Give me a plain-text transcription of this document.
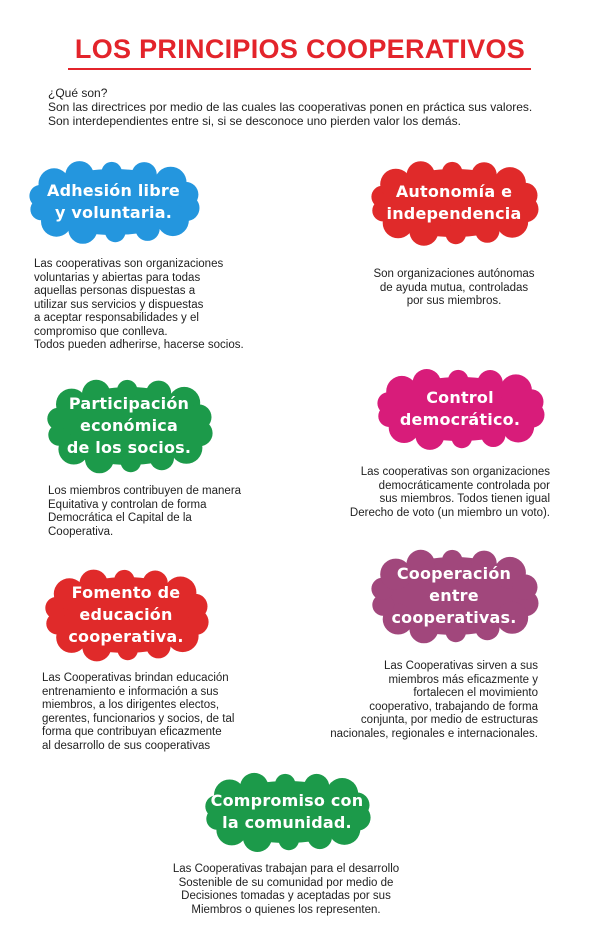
LOS PRINCIPIOS COOPERATIVOS
¿Qué son?
Son las directrices por medio de las cuales las cooperativas ponen en práctica sus valores.
Son interdependientes entre si, si se desconoce uno pierden valor los demás.
Adhesión libre
y voluntaria.
Las cooperativas son organizaciones
voluntarias y abiertas para todas
aquellas personas dispuestas a
utilizar sus servicios y dispuestas
a aceptar responsabilidades y el
compromiso que conlleva.
Todos pueden adherirse, hacerse socios.
Autonomía e
independencia
Son organizaciones autónomas
de ayuda mutua, controladas
por sus miembros.
Participación
económica
de los socios.
Los miembros contribuyen de manera
Equitativa y controlan de forma
Democrática el Capital de la
Cooperativa.
Control
democrático.
Las cooperativas son organizaciones
democráticamente controlada por
sus miembros. Todos tienen igual
Derecho de voto (un miembro un voto).
Fomento de
educación
cooperativa.
Las Cooperativas brindan educación
entrenamiento e información a sus
miembros, a los dirigentes electos,
gerentes, funcionarios y socios, de tal
forma que contribuyan eficazmente
al desarrollo de sus cooperativas
Cooperación
entre
cooperativas.
Las Cooperativas sirven a sus
miembros más eficazmente y
fortalecen el movimiento
cooperativo, trabajando de forma
conjunta, por medio de estructuras
nacionales, regionales e internacionales.
Compromiso con
la comunidad.
Las Cooperativas trabajan para el desarrollo
Sostenible de su comunidad por medio de
Decisiones tomadas y aceptadas por sus
Miembros o quienes los representen.
